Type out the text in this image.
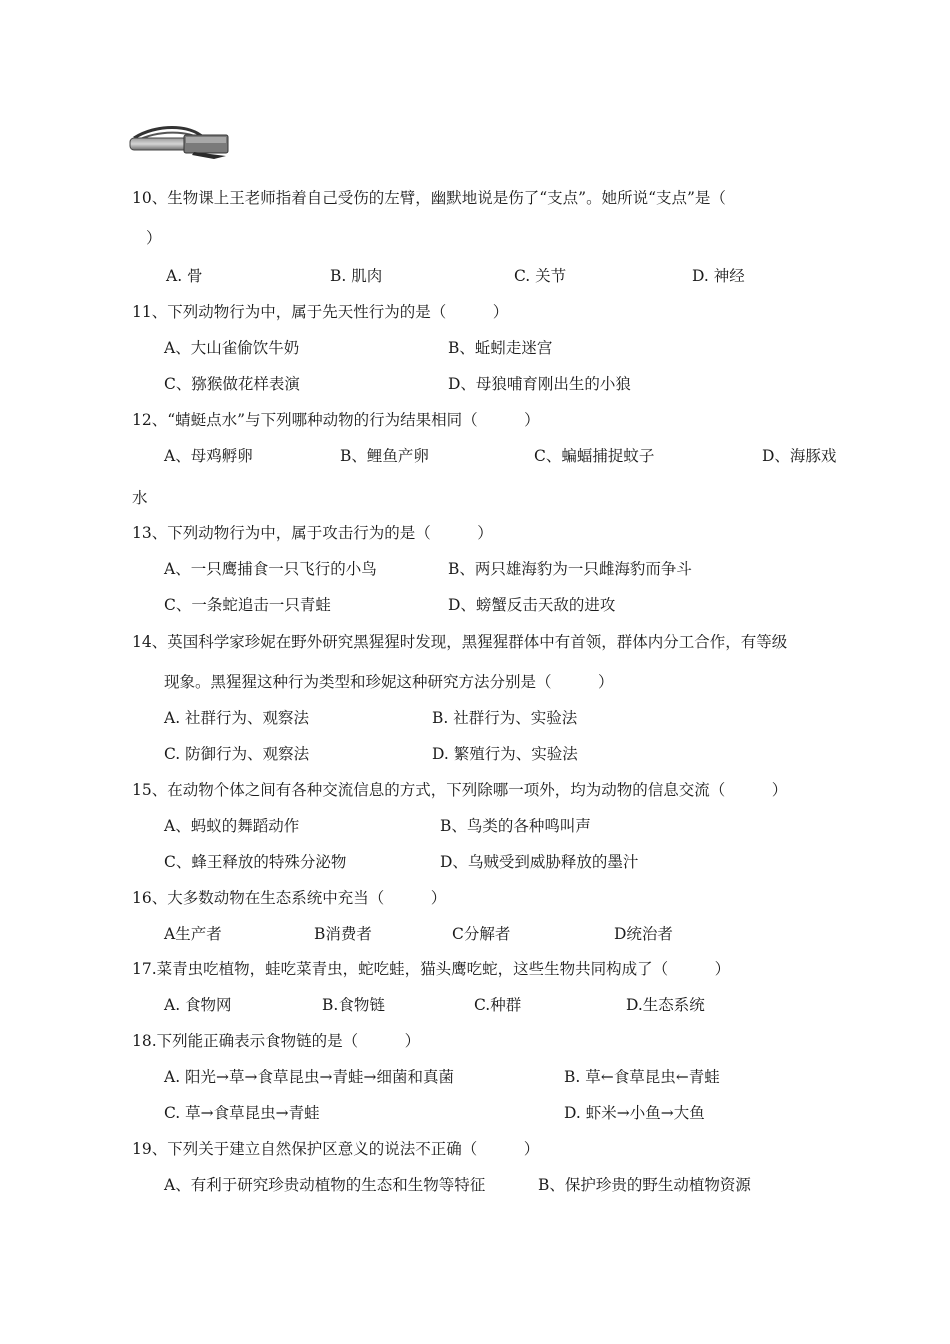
10、生物课上王老师指着自己受伤的左臂，幽默地说是伤了“支点”。她所说“支点”是（
）
A. 骨	B. 肌肉	C. 关节	D. 神经
11、下列动物行为中，属于先天性行为的是（　　　）
A、大山雀偷饮牛奶	B、蚯蚓走迷宫
C、猕猴做花样表演	D、母狼哺育刚出生的小狼
12、“蜻蜓点水”与下列哪种动物的行为结果相同（　　　）
A、母鸡孵卵	B、鲤鱼产卵	C、蝙蝠捕捉蚊子	D、海豚戏
水
13、下列动物行为中，属于攻击行为的是（　　　）
A、一只鹰捕食一只飞行的小鸟	B、两只雄海豹为一只雌海豹而争斗
C、一条蛇追击一只青蛙	D、螃蟹反击天敌的进攻
14、英国科学家珍妮在野外研究黑猩猩时发现，黑猩猩群体中有首领，群体内分工合作，有等级
现象。黑猩猩这种行为类型和珍妮这种研究方法分别是（　　　）
A. 社群行为、观察法	B. 社群行为、实验法
C. 防御行为、观察法	D. 繁殖行为、实验法
15、在动物个体之间有各种交流信息的方式，下列除哪一项外，均为动物的信息交流（　　　）
A、蚂蚁的舞蹈动作	B、鸟类的各种鸣叫声
C、蜂王释放的特殊分泌物	D、乌贼受到威胁释放的墨汁
16、大多数动物在生态系统中充当（　　　）
A生产者	B消费者	C分解者	D统治者
17.菜青虫吃植物，蛙吃菜青虫，蛇吃蛙，猫头鹰吃蛇，这些生物共同构成了（　　　）
A. 食物网	B.食物链	C.种群	D.生态系统
18.下列能正确表示食物链的是（　　　）
A. 阳光→草→食草昆虫→青蛙→细菌和真菌	B. 草←食草昆虫←青蛙
C. 草→食草昆虫→青蛙	D. 虾米→小鱼→大鱼
19、下列关于建立自然保护区意义的说法不正确（　　　）
A、有利于研究珍贵动植物的生态和生物等特征	B、保护珍贵的野生动植物资源
